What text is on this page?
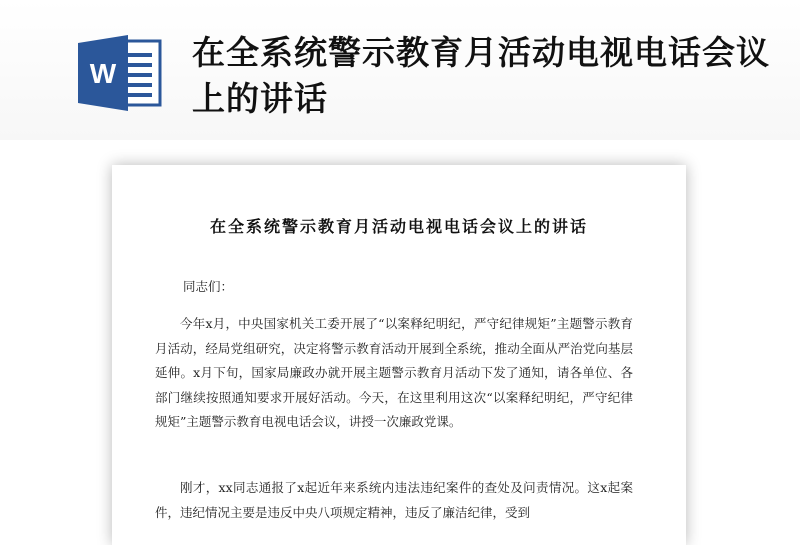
W
在全系统警示教育月活动电视电话会议上的讲话
在全系统警示教育月活动电视电话会议上的讲话
同志们：
今年x月，中央国家机关工委开展了“以案释纪明纪，严守纪律规矩”主题警示教育月活动，经局党组研究，决定将警示教育活动开展到全系统，推动全面从严治党向基层延伸。x月下旬，国家局廉政办就开展主题警示教育月活动下发了通知，请各单位、各部门继续按照通知要求开展好活动。今天，在这里利用这次“以案释纪明纪，严守纪律规矩”主题警示教育电视电话会议，讲授一次廉政党课。
刚才，xx同志通报了x起近年来系统内违法违纪案件的查处及问责情况。这x起案件，违纪情况主要是违反中央八项规定精神，违反了廉洁纪律，受到
